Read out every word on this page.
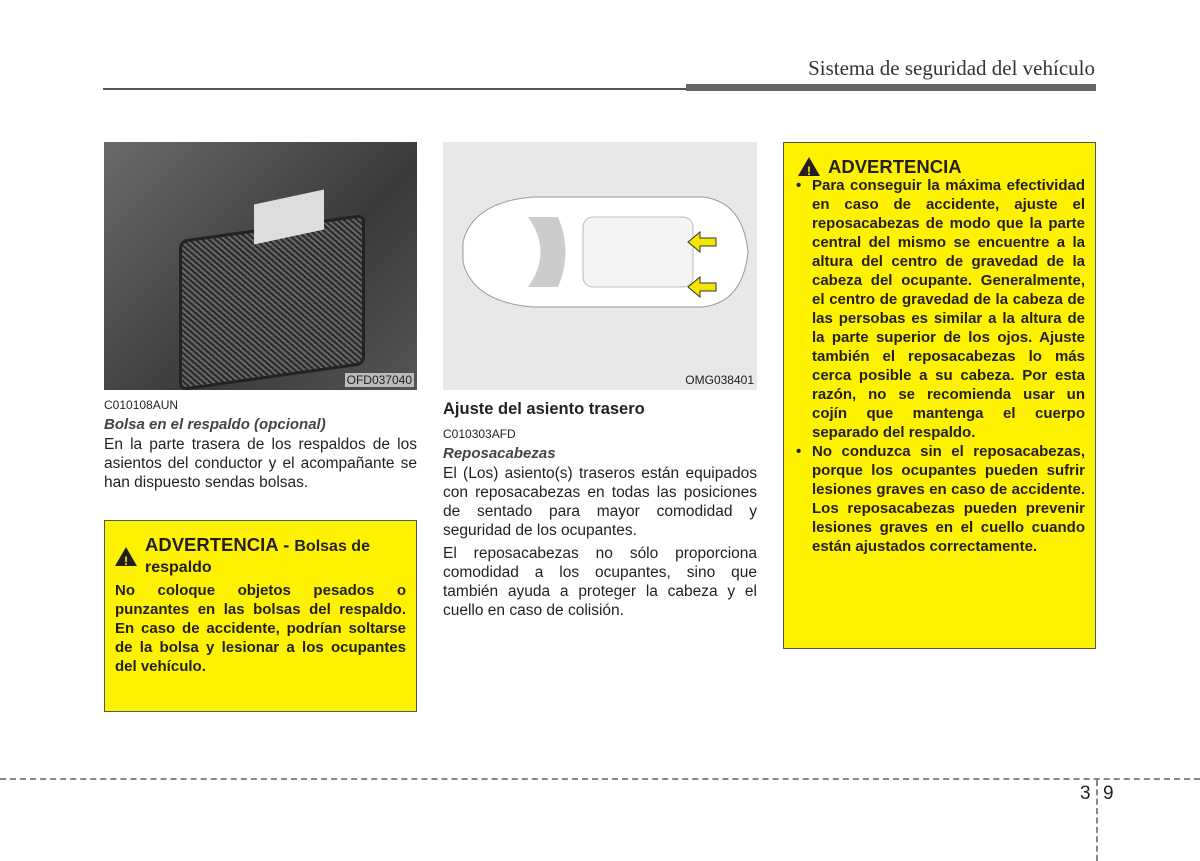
Sistema de seguridad del vehículo
OFD037040
C010108AUN
Bolsa en el respaldo (opcional)

En la parte trasera de los respaldos de los asientos del conductor y el acompañante se han dispuesto sendas bolsas.

!
ADVERTENCIA - Bolsas de respaldo
No coloque objetos pesados o punzantes en las bolsas del respaldo. En caso de accidente, podrían soltarse de la bolsa y lesionar a los ocupantes del vehículo.
OMG038401
Ajuste del asiento trasero
C010303AFD
Reposacabezas

El (Los) asiento(s) traseros están equipados con reposacabezas en todas las posiciones de sentado para mayor comodidad y seguridad de los ocupantes.

El reposacabezas no sólo proporciona comodidad a los ocupantes, sino que también ayuda a proteger la cabeza y el cuello en caso de colisión.

! ADVERTENCIA
• Para conseguir la máxima efectividad en caso de accidente, ajuste el reposacabezas de modo que la parte central del mismo se encuentre a la altura del centro de gravedad de la cabeza del ocupante. Generalmente, el centro de gravedad de la cabeza de las persobas es similar a la altura de la parte superior de los ojos. Ajuste también el reposacabezas lo más cerca posible a su cabeza. Por esta razón, no se recomienda usar un cojín que mantenga el cuerpo separado del respaldo.
• No conduzca sin el reposacabezas, porque los ocupantes pueden sufrir lesiones graves en caso de accidente. Los reposacabezas pueden prevenir lesiones graves en el cuello cuando están ajustados correctamente.
3 9
